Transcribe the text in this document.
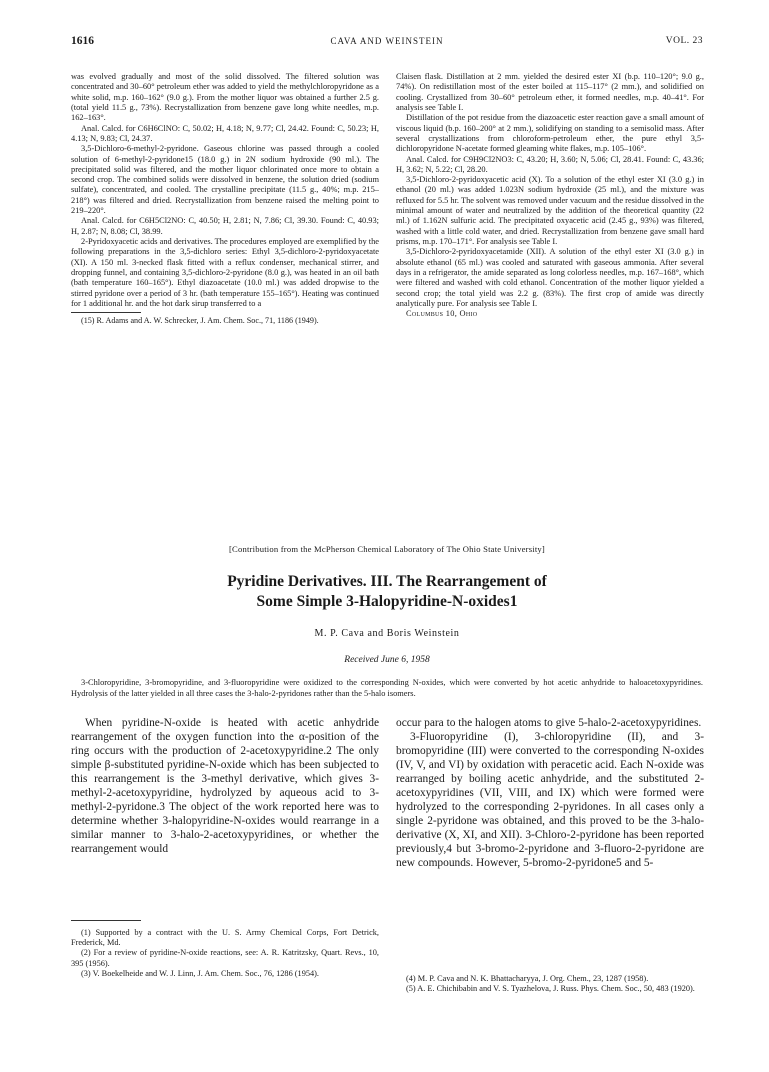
1616	CAVA AND WEINSTEIN	VOL. 23

was evolved gradually and most of the solid dissolved. The filtered solution was concentrated and 30–60° petroleum ether was added to yield the methylchloropyridone as a white solid, m.p. 160–162° (9.0 g.). From the mother liquor was obtained a further 2.5 g. (total yield 11.5 g., 73%). Recrystallization from benzene gave long white needles, m.p. 162–163°.

Anal. Calcd. for C6H6ClNO: C, 50.02; H, 4.18; N, 9.77; Cl, 24.42. Found: C, 50.23; H, 4.13; N, 9.83; Cl, 24.37.

3,5-Dichloro-6-methyl-2-pyridone. Gaseous chlorine was passed through a cooled solution of 6-methyl-2-pyridone15 (18.0 g.) in 2N sodium hydroxide (90 ml.). The precipitated solid was filtered, and the mother liquor chlorinated once more to obtain a second crop. The combined solids were dissolved in benzene, the solution dried (sodium sulfate), concentrated, and cooled. The crystalline precipitate (11.5 g., 40%; m.p. 215–218°) was filtered and dried. Recrystallization from benzene raised the melting point to 219–220°.

Anal. Calcd. for C6H5Cl2NO: C, 40.50; H, 2.81; N, 7.86; Cl, 39.30. Found: C, 40.93; H, 2.87; N, 8.08; Cl, 38.99.

2-Pyridoxyacetic acids and derivatives. The procedures employed are exemplified by the following preparations in the 3,5-dichloro series: Ethyl 3,5-dichloro-2-pyridoxyacetate (XI). A 150 ml. 3-necked flask fitted with a reflux condenser, mechanical stirrer, and dropping funnel, and containing 3,5-dichloro-2-pyridone (8.0 g.), was heated in an oil bath (bath temperature 160–165°). Ethyl diazoacetate (10.0 ml.) was added dropwise to the stirred pyridone over a period of 3 hr. (bath temperature 155–165°). Heating was continued for 1 additional hr. and the hot dark sirup transferred to a

(15) R. Adams and A. W. Schrecker, J. Am. Chem. Soc., 71, 1186 (1949).

Claisen flask. Distillation at 2 mm. yielded the desired ester XI (b.p. 110–120°; 9.0 g., 74%). On redistillation most of the ester boiled at 115–117° (2 mm.), and solidified on cooling. Crystallized from 30–60° petroleum ether, it formed needles, m.p. 40–41°. For analysis see Table I.

Distillation of the pot residue from the diazoacetic ester reaction gave a small amount of viscous liquid (b.p. 160–200° at 2 mm.), solidifying on standing to a semisolid mass. After several crystallizations from chloroform-petroleum ether, the pure ethyl 3,5-dichloropyridone N-acetate formed gleaming white flakes, m.p. 105–106°.

Anal. Calcd. for C9H9Cl2NO3: C, 43.20; H, 3.60; N, 5.06; Cl, 28.41. Found: C, 43.36; H, 3.62; N, 5.22; Cl, 28.20.

3,5-Dichloro-2-pyridoxyacetic acid (X). To a solution of the ethyl ester XI (3.0 g.) in ethanol (20 ml.) was added 1.023N sodium hydroxide (25 ml.), and the mixture was refluxed for 5.5 hr. The solvent was removed under vacuum and the residue dissolved in the minimal amount of water and neutralized by the addition of the theoretical quantity (22 ml.) of 1.162N sulfuric acid. The precipitated oxyacetic acid (2.45 g., 93%) was filtered, washed with a little cold water, and dried. Recrystallization from benzene gave small hard prisms, m.p. 170–171°. For analysis see Table I.

3,5-Dichloro-2-pyridoxyacetamide (XII). A solution of the ethyl ester XI (3.0 g.) in absolute ethanol (65 ml.) was cooled and saturated with gaseous ammonia. After several days in a refrigerator, the amide separated as long colorless needles, m.p. 167–168°, which were filtered and washed with cold ethanol. Concentration of the mother liquor yielded a second crop; the total yield was 2.2 g. (83%). The first crop of amide was directly analytically pure. For analysis see Table I.

Columbus 10, Ohio

[Contribution from the McPherson Chemical Laboratory of The Ohio State University]
Pyridine Derivatives. III. The Rearrangement of
Some Simple 3-Halopyridine-N-oxides1
M. P. Cava and Boris Weinstein
Received June 6, 1958

3-Chloropyridine, 3-bromopyridine, and 3-fluoropyridine were oxidized to the corresponding N-oxides, which were converted by hot acetic anhydride to haloacetoxypyridines. Hydrolysis of the latter yielded in all three cases the 3-halo-2-pyridones rather than the 5-halo isomers.

When pyridine-N-oxide is heated with acetic anhydride rearrangement of the oxygen function into the α-position of the ring occurs with the production of 2-acetoxypyridine.2 The only simple β-substituted pyridine-N-oxide which has been subjected to this rearrangement is the 3-methyl derivative, which gives 3-methyl-2-acetoxypyridine, hydrolyzed by aqueous acid to 3-methyl-2-pyridone.3 The object of the work reported here was to determine whether 3-halopyridine-N-oxides would rearrange in a similar manner to 3-halo-2-acetoxypyridines, or whether the rearrangement would

occur para to the halogen atoms to give 5-halo-2-acetoxypyridines.

3-Fluoropyridine (I), 3-chloropyridine (II), and 3-bromopyridine (III) were converted to the corresponding N-oxides (IV, V, and VI) by oxidation with peracetic acid. Each N-oxide was rearranged by boiling acetic anhydride, and the substituted 2-acetoxypyridines (VII, VIII, and IX) which were formed were hydrolyzed to the corresponding 2-pyridones. In all cases only a single 2-pyridone was obtained, and this proved to be the 3-halo-derivative (X, XI, and XII). 3-Chloro-2-pyridone has been reported previously,4 but 3-bromo-2-pyridone and 3-fluoro-2-pyridone are new compounds. However, 5-bromo-2-pyridone5 and 5-

(1) Supported by a contract with the U. S. Army Chemical Corps, Fort Detrick, Frederick, Md.

(2) For a review of pyridine-N-oxide reactions, see: A. R. Katritzsky, Quart. Revs., 10, 395 (1956).

(3) V. Boekelheide and W. J. Linn, J. Am. Chem. Soc., 76, 1286 (1954).

(4) M. P. Cava and N. K. Bhattacharyya, J. Org. Chem., 23, 1287 (1958).

(5) A. E. Chichibabin and V. S. Tyazhelova, J. Russ. Phys. Chem. Soc., 50, 483 (1920).
